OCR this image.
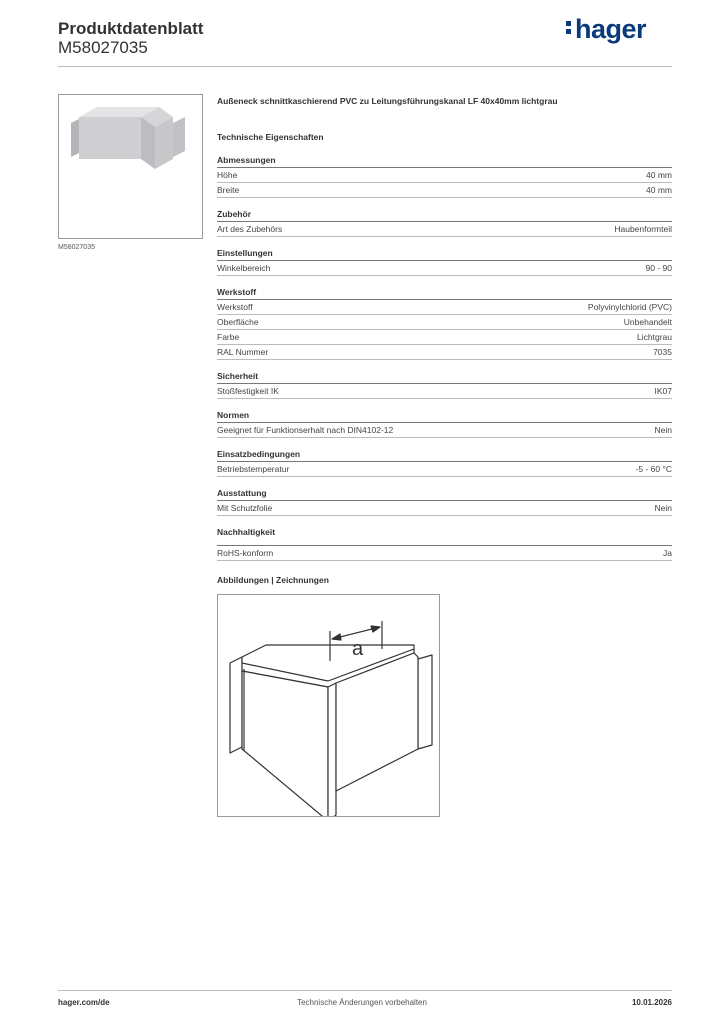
Produktdatenblatt
M58027035
hager
M58027035
Außeneck schnittkaschierend PVC zu Leitungsführungskanal LF 40x40mm lichtgrau
Technische Eigenschaften
Abmessungen
Höhe	40 mm
Breite	40 mm
Zubehör
Art des Zubehörs	Haubenformteil
Einstellungen
Winkelbereich	90 - 90
Werkstoff
Werkstoff	Polyvinylchlorid (PVC)
Oberfläche	Unbehandelt
Farbe	Lichtgrau
RAL Nummer	7035
Sicherheit
Stoßfestigkeit IK	IK07
Normen
Geeignet für Funktionserhalt nach DIN4102-12	Nein
Einsatzbedingungen
Betriebstemperatur	-5 - 60 °C
Ausstattung
Mit Schutzfolie	Nein
Nachhaltigkeit
RoHS-konform	Ja
Abbildungen | Zeichnungen
a
hager.com/de	Technische Änderungen vorbehalten	10.01.2026
